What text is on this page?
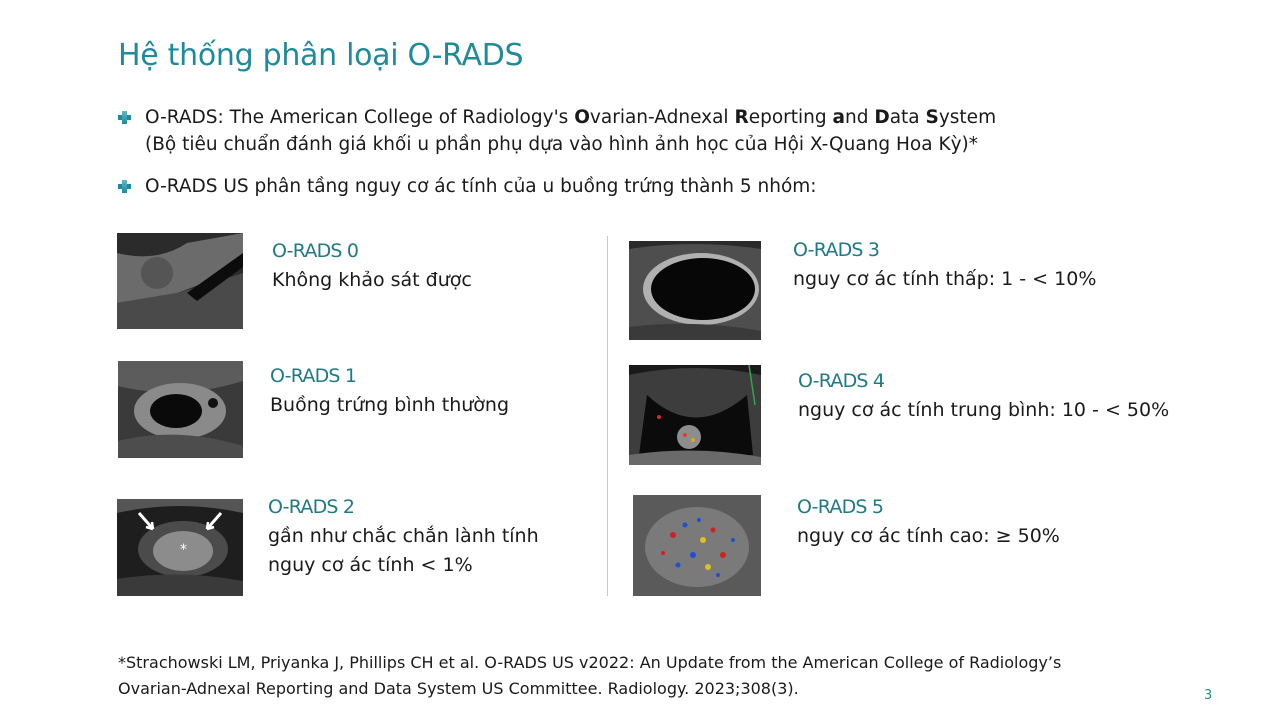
Hệ thống phân loại O-RADS
O-RADS: The American College of Radiology's Ovarian-Adnexal Reporting and Data System
(Bộ tiêu chuẩn đánh giá khối u phần phụ dựa vào hình ảnh học của Hội X-Quang Hoa Kỳ)*
O-RADS US phân tầng nguy cơ ác tính của u buồng trứng thành 5 nhóm:
*
O-RADS 0
Không khảo sát được
O-RADS 1
Buồng trứng bình thường
O-RADS 2
gần như chắc chắn lành tính
nguy cơ ác tính < 1%
O-RADS 3
nguy cơ ác tính thấp: 1 - < 10%
O-RADS 4
nguy cơ ác tính trung bình: 10 - < 50%
O-RADS 5
nguy cơ ác tính cao: ≥ 50%
*Strachowski LM, Priyanka J, Phillips CH et al. O-RADS US v2022: An Update from the American College of Radiology’s
Ovarian-Adnexal Reporting and Data System US Committee. Radiology. 2023;308(3).	3
